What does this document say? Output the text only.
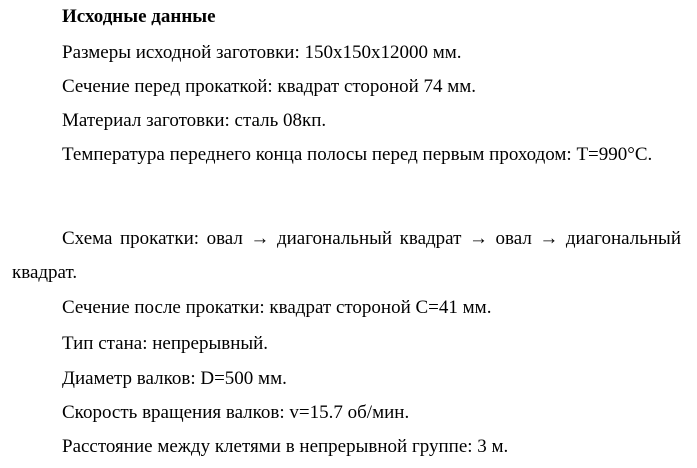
Исходные данные

Размеры исходной заготовки: 150х150х12000 мм.

Сечение перед прокаткой: квадрат стороной 74 мм.

Материал заготовки: сталь 08кп.

Температура переднего конца полосы перед первым проходом: T=990°C.

Схема прокатки: овал → диагональный квадрат → овал → диагональный квадрат.

Сечение после прокатки: квадрат стороной C=41 мм.

Тип стана: непрерывный.

Диаметр валков: D=500 мм.

Скорость вращения валков: v=15.7 об/мин.

Расстояние между клетями в непрерывной группе: 3 м.
